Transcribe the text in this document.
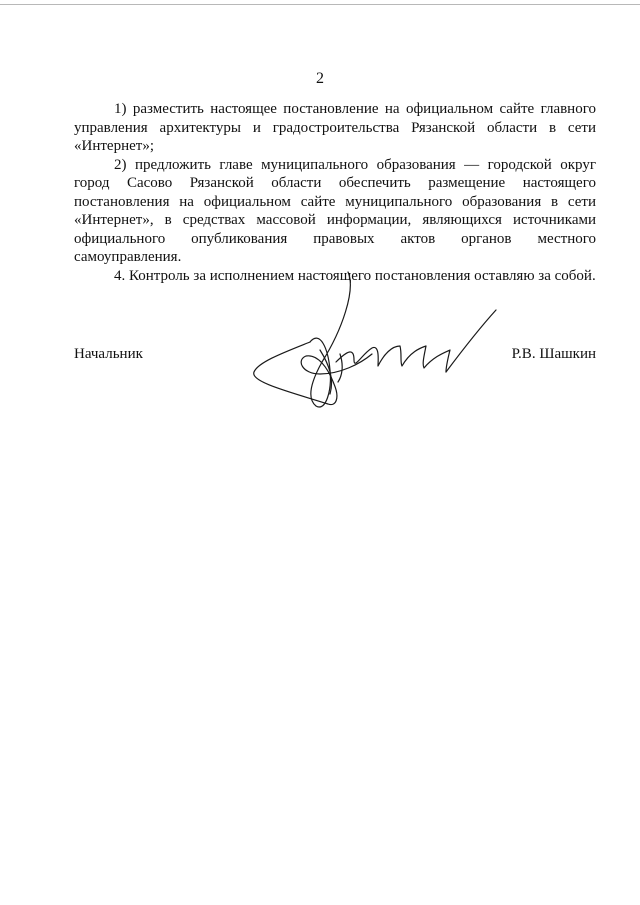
2

1) разместить настоящее постановление на официальном сайте главного управления архитектуры и градостроительства Рязанской области в сети «Интернет»;

2) предложить главе муниципального образования — городской округ город Сасово Рязанской области обеспечить размещение настоящего постановления на официальном сайте муниципального образования в сети «Интернет», в средствах массовой информации, являющихся источниками официального опубликования правовых актов органов местного самоуправления.

4. Контроль за исполнением настоящего постановления оставляю за собой.

Начальник	Р.В. Шашкин
